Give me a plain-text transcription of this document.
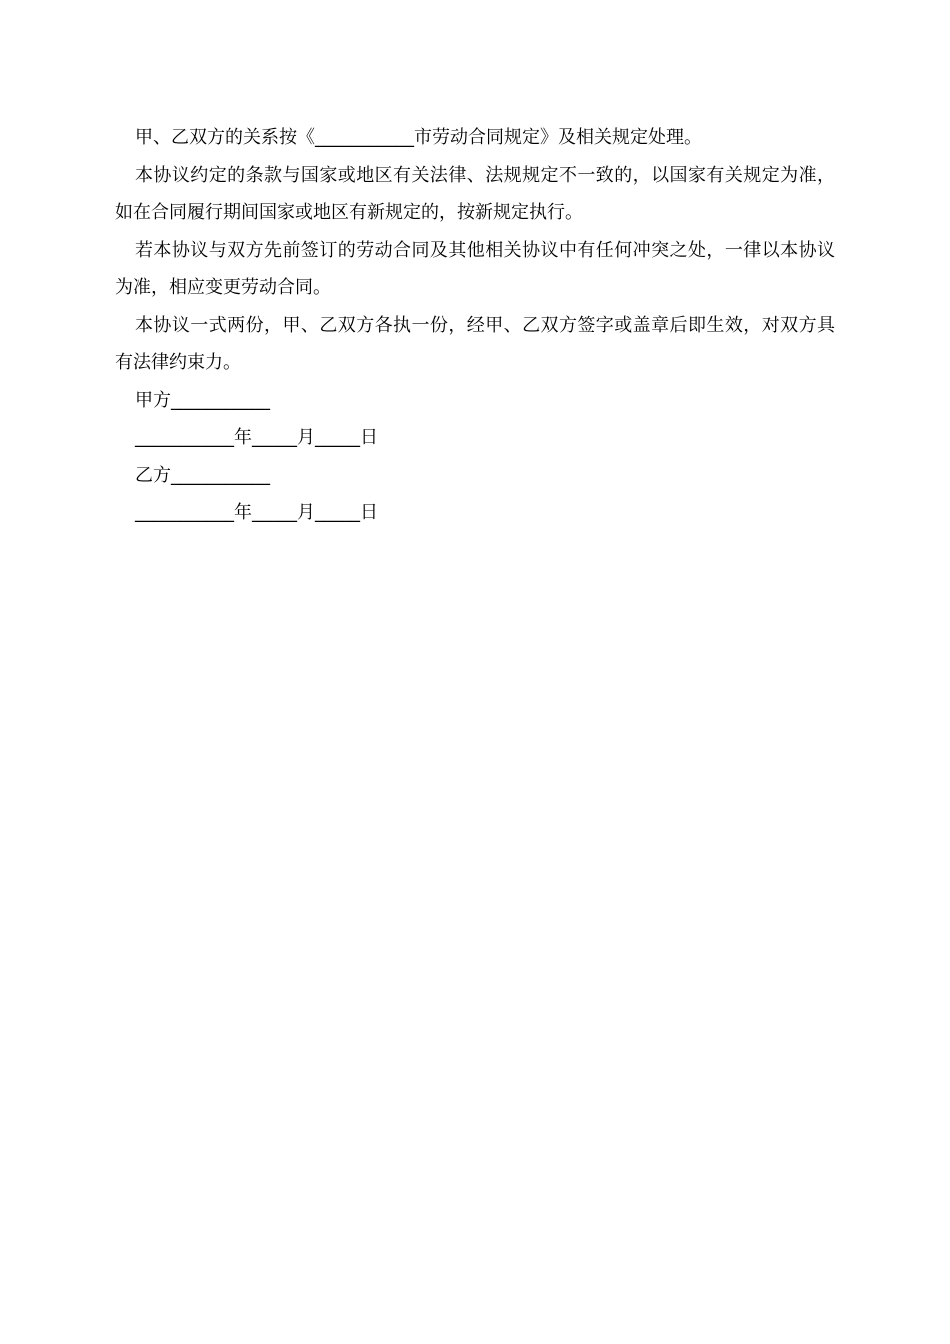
甲、乙双方的关系按《___________市劳动合同规定》及相关规定处理。

本协议约定的条款与国家或地区有关法律、法规规定不一致的，以国家有关规定为准，如在合同履行期间国家或地区有新规定的，按新规定执行。

若本协议与双方先前签订的劳动合同及其他相关协议中有任何冲突之处，一律以本协议为准，相应变更劳动合同。

本协议一式两份，甲、乙双方各执一份，经甲、乙双方签字或盖章后即生效，对双方具有法律约束力。

甲方___________

___________年_____月_____日

乙方___________

___________年_____月_____日
